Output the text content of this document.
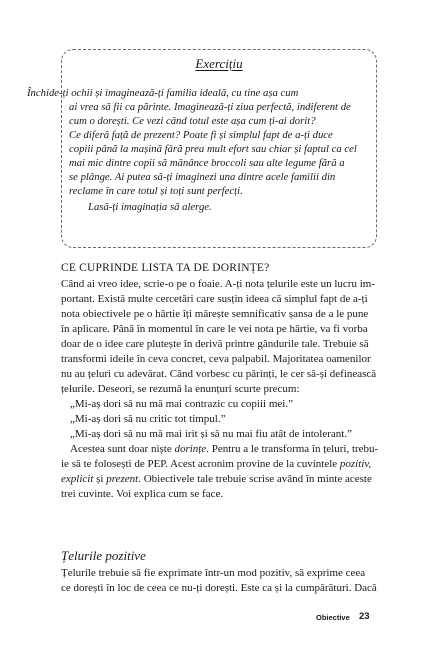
Exercițiu
Închide-ți ochii și imaginează-ți familia ideală, cu tine așa cum
ai vrea să fii ca părinte. Imaginează-ți ziua perfectă, indiferent de
cum o dorești. Ce vezi când totul este așa cum ți-ai dorit?
Ce diferă față de prezent? Poate fi și simplul fapt de a-ți duce
copiii până la mașină fără prea mult efort sau chiar și faptul ca cel
mai mic dintre copii să mănânce broccoli sau alte legume fără a
se plânge. Ai putea să-ți imaginezi una dintre acele familii din
reclame în care totul și toți sunt perfecți.
Lasă-ți imaginația să alerge.
CE CUPRINDE LISTA TA DE DORINȚE?
Când ai vreo idee, scrie-o pe o foaie. A-ți nota țelurile este un lucru im-
portant. Există multe cercetări care susțin ideea că simplul fapt de a-ți
nota obiectivele pe o hârtie îți mărește semnificativ șansa de a le pune
în aplicare. Până în momentul în care le vei nota pe hârtie, va fi vorba
doar de o idee care plutește în derivă printre gândurile tale. Trebuie să
transformi ideile în ceva concret, ceva palpabil. Majoritatea oamenilor
nu au țeluri cu adevărat. Când vorbesc cu părinți, le cer să-și definească
țelurile. Deseori, se rezumă la enunțuri scurte precum:
„Mi-aș dori să nu mă mai contrazic cu copiii mei.”
„Mi-aș dori să nu critic tot timpul.”
„Mi-aș dori să nu mă mai irit și să nu mai fiu atât de intolerant.”
Acestea sunt doar niște dorințe. Pentru a le transforma în țeluri, trebu-
ie să te folosești de PEP. Acest acronim provine de la cuvintele pozitiv,
explicit și prezent. Obiectivele tale trebuie scrise având în minte aceste
trei cuvinte. Voi explica cum se face.
Țelurile pozitive
Țelurile trebuie să fie exprimate într-un mod pozitiv, să exprime ceea
ce dorești în loc de ceea ce nu-ți dorești. Este ca și la cumpărături. Dacă
Obiective 23
